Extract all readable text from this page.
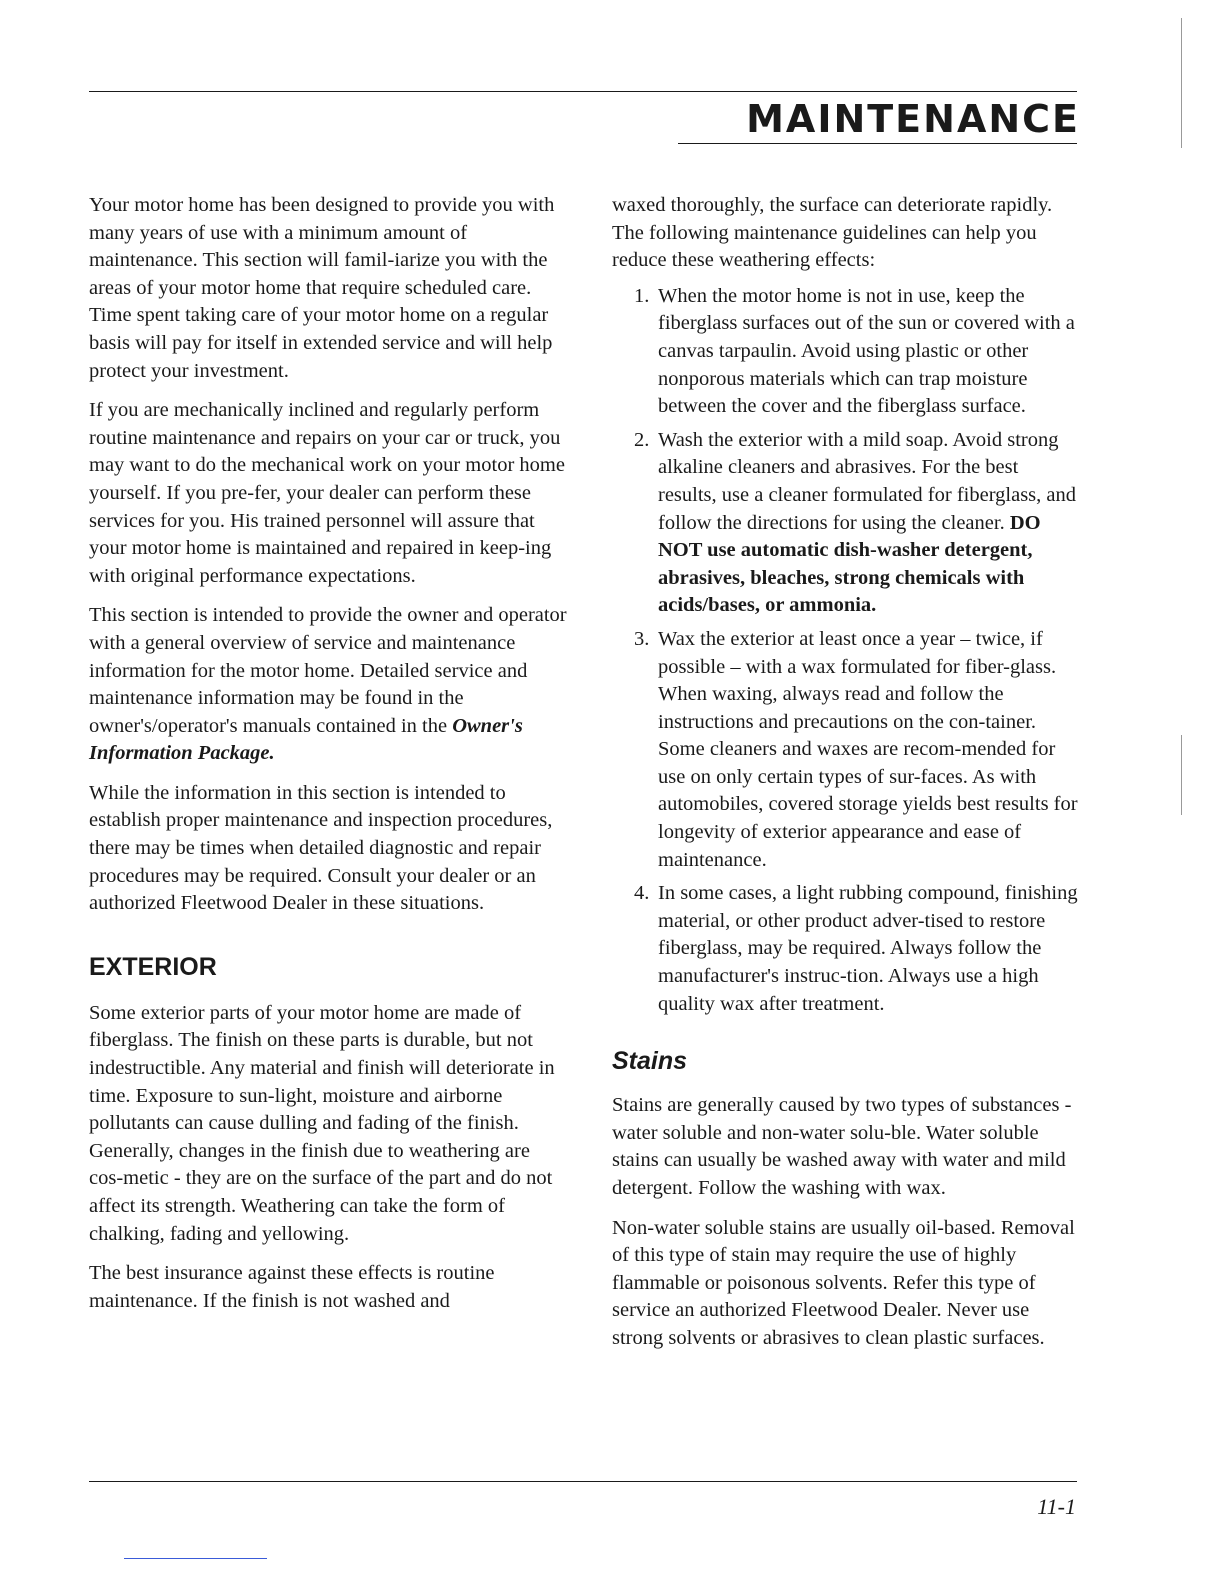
MAINTENANCE

Your motor home has been designed to provide you with many years of use with a minimum amount of maintenance. This section will famil-iarize you with the areas of your motor home that require scheduled care. Time spent taking care of your motor home on a regular basis will pay for itself in extended service and will help protect your investment.

If you are mechanically inclined and regularly perform routine maintenance and repairs on your car or truck, you may want to do the mechanical work on your motor home yourself. If you pre-fer, your dealer can perform these services for you. His trained personnel will assure that your motor home is maintained and repaired in keep-ing with original performance expectations.

This section is intended to provide the owner and operator with a general overview of service and maintenance information for the motor home. Detailed service and maintenance information may be found in the owner's/operator's manuals contained in the Owner's Information Package.

While the information in this section is intended to establish proper maintenance and inspection procedures, there may be times when detailed diagnostic and repair procedures may be required. Consult your dealer or an authorized Fleetwood Dealer in these situations.

EXTERIOR

Some exterior parts of your motor home are made of fiberglass. The finish on these parts is durable, but not indestructible. Any material and finish will deteriorate in time. Exposure to sun-light, moisture and airborne pollutants can cause dulling and fading of the finish. Generally, changes in the finish due to weathering are cos-metic - they are on the surface of the part and do not affect its strength. Weathering can take the form of chalking, fading and yellowing.

The best insurance against these effects is routine maintenance. If the finish is not washed and

waxed thoroughly, the surface can deteriorate rapidly. The following maintenance guidelines can help you reduce these weathering effects:

1. When the motor home is not in use, keep the fiberglass surfaces out of the sun or covered with a canvas tarpaulin. Avoid using plastic or other nonporous materials which can trap moisture between the cover and the fiberglass surface.
2. Wash the exterior with a mild soap. Avoid strong alkaline cleaners and abrasives. For the best results, use a cleaner formulated for fiberglass, and follow the directions for using the cleaner. DO NOT use automatic dish-washer detergent, abrasives, bleaches, strong chemicals with acids/bases, or ammonia.
3. Wax the exterior at least once a year – twice, if possible – with a wax formulated for fiber-glass. When waxing, always read and follow the instructions and precautions on the con-tainer. Some cleaners and waxes are recom-mended for use on only certain types of sur-faces. As with automobiles, covered storage yields best results for longevity of exterior appearance and ease of maintenance.
4. In some cases, a light rubbing compound, finishing material, or other product adver-tised to restore fiberglass, may be required. Always follow the manufacturer's instruc-tion. Always use a high quality wax after treatment.
Stains

Stains are generally caused by two types of substances - water soluble and non-water solu-ble. Water soluble stains can usually be washed away with water and mild detergent. Follow the washing with wax.

Non-water soluble stains are usually oil-based. Removal of this type of stain may require the use of highly flammable or poisonous solvents. Refer this type of service an authorized Fleetwood Dealer. Never use strong solvents or abrasives to clean plastic surfaces.

11-1
